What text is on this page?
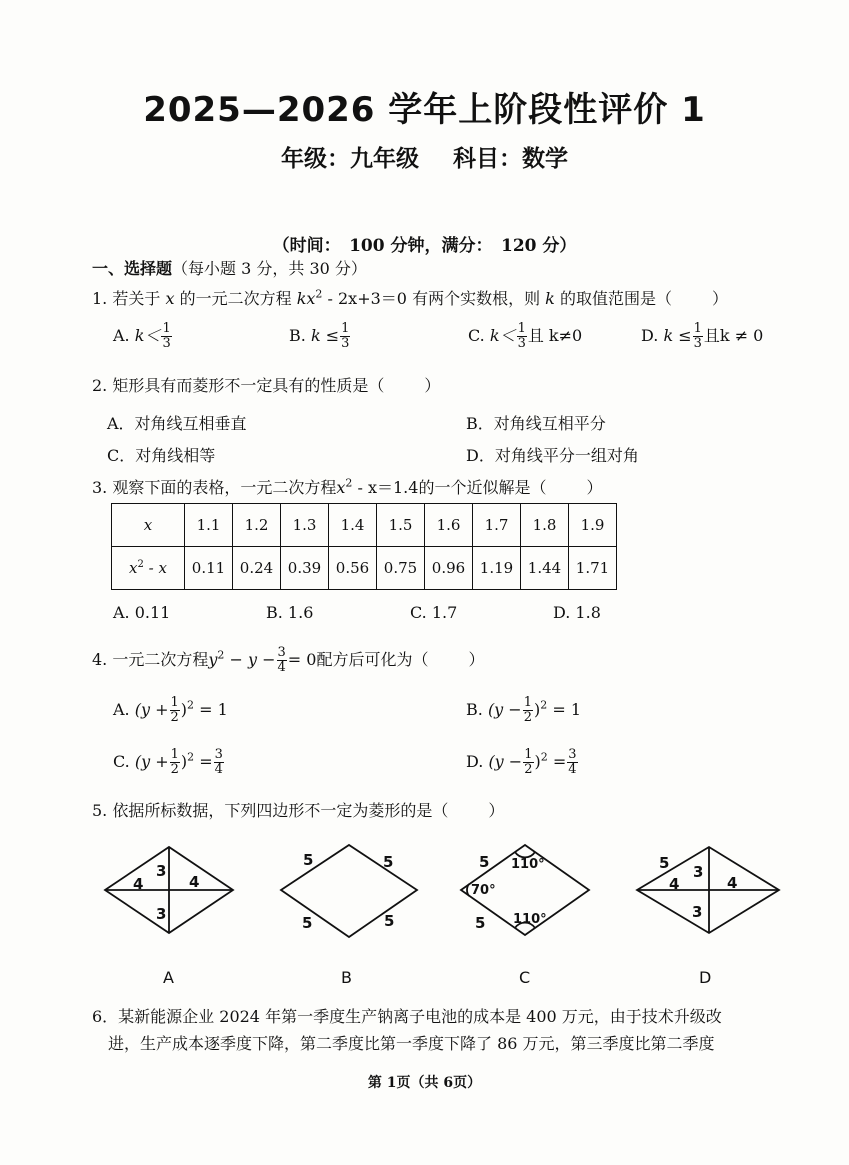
2025—2026 学年上阶段性评价 1
年级：九年级 科目：数学
（时间：　100 分钟，满分：　120 分）
一、选择题（每小题 3 分，共 30 分）
1. 若关于 x 的一元二次方程 $kx^2 - 2x+3=0$ 有两个实数根，则 k 的取值范围是（	）
A. $k< \frac{1}{3}$	B. $k \le \frac{1}{3}$	C. $k< \frac{1}{3}$ 且 k≠0	D. $k \le \frac{1}{3}$ 且k ≠ 0
2. 矩形具有而菱形不一定具有的性质是（	）
A．对角线互相垂直	B．对角线互相平分
C．对角线相等	D．对角线平分一组对角
3. 观察下面的表格，一元二次方程$x^2 - x=1.4$的一个近似解是（	）
x	1.1	1.2	1.3	1.4	1.5	1.6	1.7	1.8	1.9
$x^2$ - x	0.11	0.24	0.39	0.56	0.75	0.96	1.19	1.44	1.71
A. 0.11	B. 1.6	C. 1.7	D. 1.8
4. 一元二次方程$y^2 - y - \frac{3}{4} = 0$配方后可化为（	）
A. $(y + \frac{1}{2} )^2 = 1$	B. $(y - \frac{1}{2} )^2 = 1$
C. $(y + \frac{1}{2} )^2 = \frac{3}{4}$	D. $(y - \frac{1}{2} )^2 = \frac{3}{4}$
5. 依据所标数据，下列四边形不一定为菱形的是（	）
3
4	4
3
5	5
5	5
5
5
110°
70°
110°
5
4
3
4
3
A	B	C	D
6．某新能源企业 2024 年第一季度生产钠离子电池的成本是 400 万元，由于技术升级改
进，生产成本逐季度下降，第二季度比第一季度下降了 86 万元，第三季度比第二季度
第 1页（共 6页）
